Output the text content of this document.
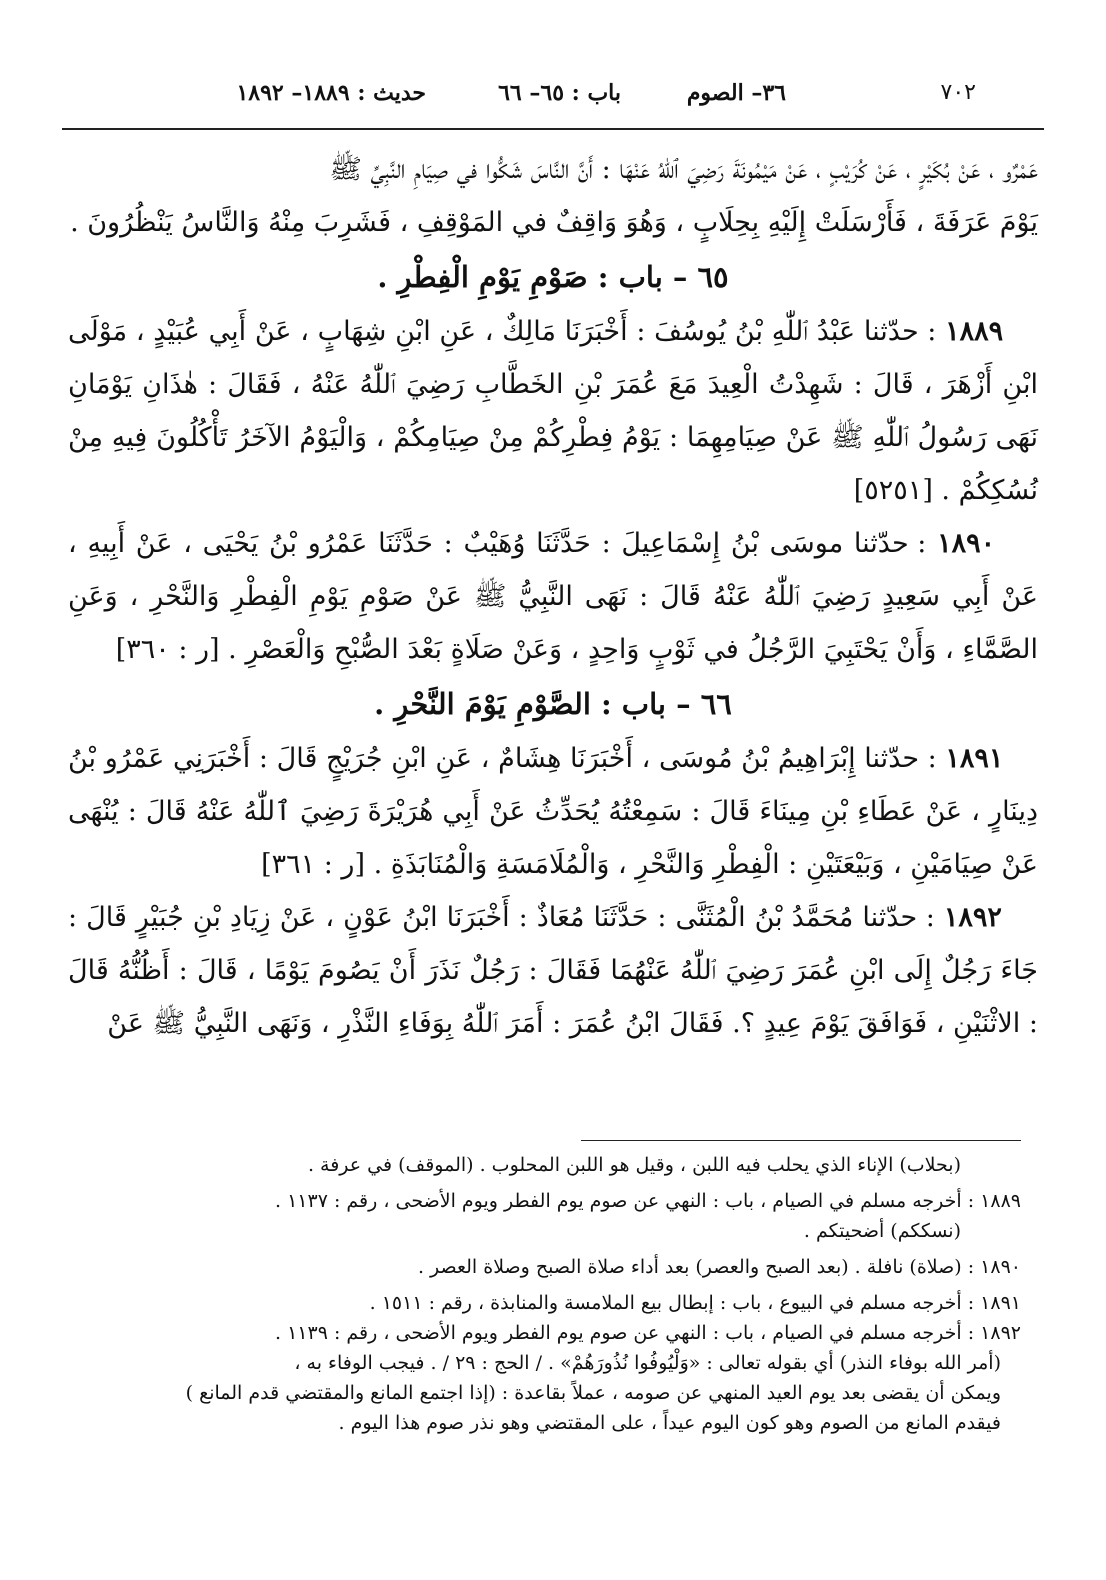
٧٠٢
٣٦– الصوم
باب : ٦٥– ٦٦
حديث : ١٨٨٩– ١٨٩٢

عَمْرٌو ، عَنْ بُكَيْرٍ ، عَنْ كُرَيْبٍ ، عَنْ مَيْمُونَةَ رَضِيَ ٱللّٰهُ عَنْهَا : أَنَّ النَّاسَ شَكُّوا في صِيَامِ النَّبِيِّ ﷺ

يَوْمَ عَرَفَةَ ، فَأَرْسَلَتْ إِلَيْهِ بِحِلَابٍ ، وَهُوَ وَاقِفٌ في المَوْقِفِ ، فَشَرِبَ مِنْهُ وَالنَّاسُ يَنْظُرُونَ .

٦٥ – باب : صَوْمِ يَوْمِ الْفِطْرِ .

١٨٨٩ : حدّثنا عَبْدُ ٱللّٰهِ بْنُ يُوسُفَ : أَخْبَرَنَا مَالِكٌ ، عَنِ ابْنِ شِهَابٍ ، عَنْ أَبِي عُبَيْدٍ ، مَوْلَى ابْنِ أَزْهَرَ ، قَالَ : شَهِدْتُ الْعِيدَ مَعَ عُمَرَ بْنِ الخَطَّابِ رَضِيَ ٱللّٰهُ عَنْهُ ، فَقَالَ : هٰذَانِ يَوْمَانِ نَهَى رَسُولُ ٱللّٰهِ ﷺ عَنْ صِيَامِهِمَا : يَوْمُ فِطْرِكُمْ مِنْ صِيَامِكُمْ ، وَالْيَوْمُ الآخَرُ تَأْكُلُونَ فِيهِ مِنْ نُسُكِكُمْ . [٥٢٥١]

١٨٩٠ : حدّثنا موسَى بْنُ إِسْمَاعِيلَ : حَدَّثَنَا وُهَيْبٌ : حَدَّثَنَا عَمْرُو بْنُ يَحْيَى ، عَنْ أَبِيهِ ، عَنْ أَبِي سَعِيدٍ رَضِيَ ٱللّٰهُ عَنْهُ قَالَ : نَهَى النَّبِيُّ ﷺ عَنْ صَوْمِ يَوْمِ الْفِطْرِ وَالنَّحْرِ ، وَعَنِ الصَّمَّاءِ ، وَأَنْ يَحْتَبِيَ الرَّجُلُ في ثَوْبٍ وَاحِدٍ ، وَعَنْ صَلَاةٍ بَعْدَ الصُّبْحِ وَالْعَصْرِ . [ر : ٣٦٠]

٦٦ – باب : الصَّوْمِ يَوْمَ النَّحْرِ .

١٨٩١ : حدّثنا إِبْرَاهِيمُ بْنُ مُوسَى ، أَخْبَرَنَا هِشَامٌ ، عَنِ ابْنِ جُرَيْجٍ قَالَ : أَخْبَرَنِي عَمْرُو بْنُ دِينَارٍ ، عَنْ عَطَاءِ بْنِ مِينَاءَ قَالَ : سَمِعْتُهُ يُحَدِّثُ عَنْ أَبِي هُرَيْرَةَ رَضِيَ ٱللّٰهُ عَنْهُ قَالَ : يُنْهَى عَنْ صِيَامَيْنِ ، وَبَيْعَتَيْنِ : الْفِطْرِ وَالنَّحْرِ ، وَالْمُلَامَسَةِ وَالْمُنَابَذَةِ . [ر : ٣٦١]

١٨٩٢ : حدّثنا مُحَمَّدُ بْنُ الْمُثَنَّى : حَدَّثَنَا مُعَاذٌ : أَخْبَرَنَا ابْنُ عَوْنٍ ، عَنْ زِيَادِ بْنِ جُبَيْرٍ قَالَ : جَاءَ رَجُلٌ إِلَى ابْنِ عُمَرَ رَضِيَ ٱللّٰهُ عَنْهُمَا فَقَالَ : رَجُلٌ نَذَرَ أَنْ يَصُومَ يَوْمًا ، قَالَ : أَظُنُّهُ قَالَ : الاثْنَيْنِ ، فَوَافَقَ يَوْمَ عِيدٍ ؟. فَقَالَ ابْنُ عُمَرَ : أَمَرَ ٱللّٰهُ بِوَفَاءِ النَّذْرِ ، وَنَهَى النَّبِيُّ ﷺ عَنْ

(بحلاب) الإناء الذي يحلب فيه اللبن ، وقيل هو اللبن المحلوب . (الموقف) في عرفة .

١٨٨٩ : أخرجه مسلم في الصيام ، باب : النهي عن صوم يوم الفطر ويوم الأضحى ، رقم : ١١٣٧ .

(نسككم) أضحيتكم .

١٨٩٠ : (صلاة) نافلة . (بعد الصبح والعصر) بعد أداء صلاة الصبح وصلاة العصر .

١٨٩١ : أخرجه مسلم في البيوع ، باب : إبطال بيع الملامسة والمنابذة ، رقم : ١٥١١ .

١٨٩٢ : أخرجه مسلم في الصيام ، باب : النهي عن صوم يوم الفطر ويوم الأضحى ، رقم : ١١٣٩ .

(أمر الله بوفاء النذر) أي بقوله تعالى : «وَلْيُوفُوا نُذُورَهُمْ» . / الحج : ٢٩ / . فيجب الوفاء به ،

ويمكن أن يقضى بعد يوم العيد المنهي عن صومه ، عملاً بقاعدة : (إذا اجتمع المانع والمقتضي قدم المانع )

فيقدم المانع من الصوم وهو كون اليوم عيداً ، على المقتضي وهو نذر صوم هذا اليوم .
